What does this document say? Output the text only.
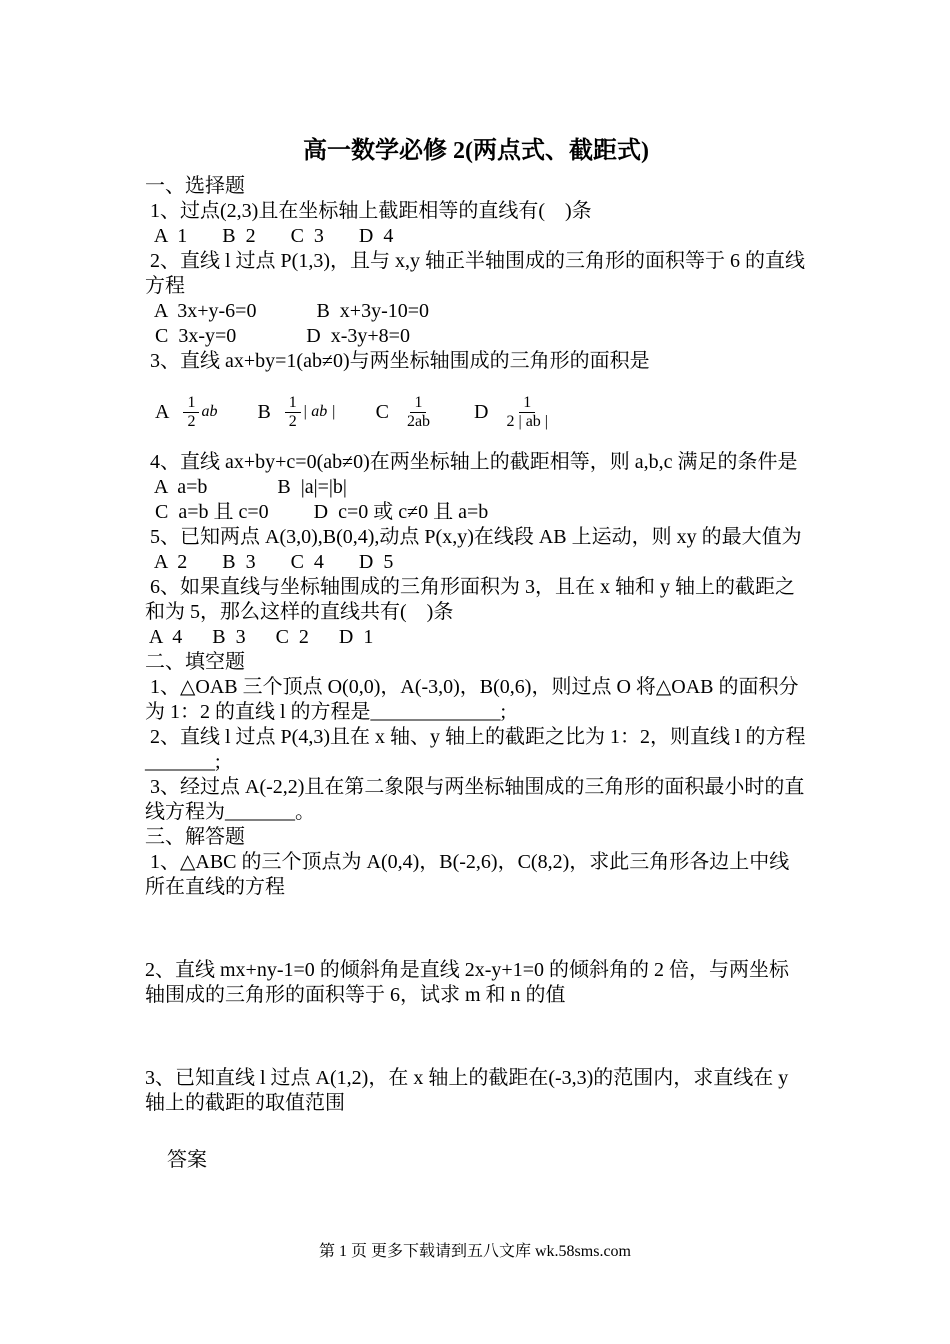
高一数学必修 2(两点式、截距式)
一、选择题
1、过点(2,3)且在坐标轴上截距相等的直线有(　)条
A  1       B  2       C  3       D  4
2、直线 l 过点 P(1,3)，且与 x,y 轴正半轴围成的三角形的面积等于 6 的直线方程
A  3x+y-6=0            B  x+3y-10=0
C  3x-y=0              D  x-3y+8=0
3、直线 ax+by=1(ab≠0)与两坐标轴围成的三角形的面积是
A $\frac{1}{2}$ ab B $\frac{1}{2}$ | ab | C $\frac{1}{2ab}$ D $\frac{1}{2 | ab |}$
4、直线 ax+by+c=0(ab≠0)在两坐标轴上的截距相等，则 a,b,c 满足的条件是
A  a=b              B  |a|=|b|
C  a=b 且 c=0         D  c=0 或 c≠0 且 a=b
5、已知两点 A(3,0),B(0,4),动点 P(x,y)在线段 AB 上运动，则 xy 的最大值为
A  2       B  3       C  4       D  5
6、如果直线与坐标轴围成的三角形面积为 3，且在 x 轴和 y 轴上的截距之和为 5，那么这样的直线共有(　)条
A  4      B  3      C  2      D  1
二、填空题
1、△OAB 三个顶点 O(0,0)，A(-3,0)，B(0,6)，则过点 O 将△OAB 的面积分为 1：2 的直线 l 的方程是_____________;
2、直线 l 过点 P(4,3)且在 x 轴、y 轴上的截距之比为 1：2，则直线 l 的方程_______;
3、经过点 A(-2,2)且在第二象限与两坐标轴围成的三角形的面积最小时的直线方程为_______。
三、解答题
1、△ABC 的三个顶点为 A(0,4)，B(-2,6)，C(8,2)，求此三角形各边上中线所在直线的方程
2、直线 mx+ny-1=0 的倾斜角是直线 2x-y+1=0 的倾斜角的 2 倍，与两坐标轴围成的三角形的面积等于 6，试求 m 和 n 的值
3、已知直线 l 过点 A(1,2)，在 x 轴上的截距在(-3,3)的范围内，求直线在 y 轴上的截距的取值范围
答案
第 1 页 更多下载请到五八文库 wk.58sms.com
